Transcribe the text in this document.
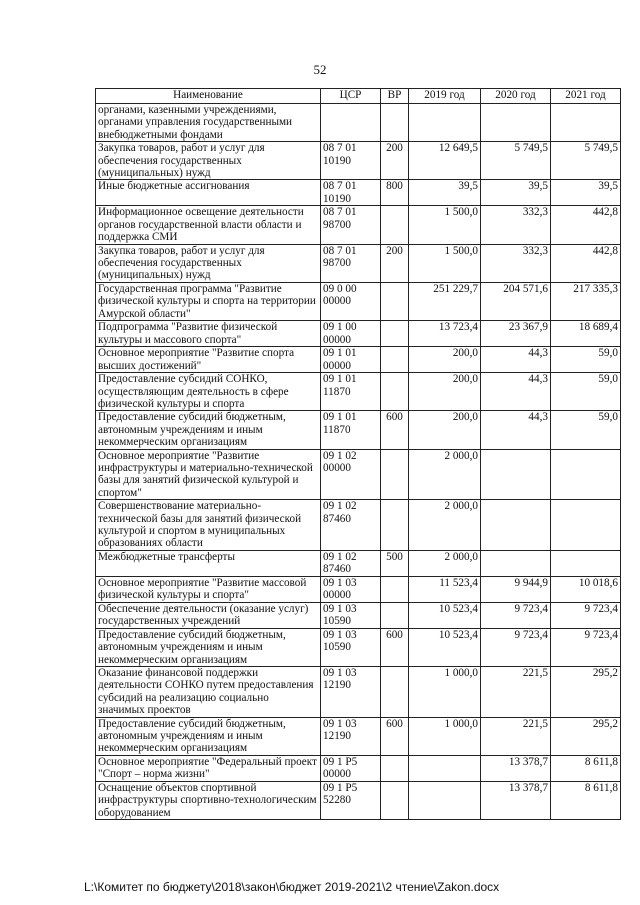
52
Наименование	ЦСР	ВР	2019 год	2020 год	2021 год
органами, казенными учреждениями, органами управления государственными внебюджетными фондами					
Закупка товаров, работ и услуг для обеспечения государственных (муниципальных) нужд	08 7 01 10190	200	12 649,5	5 749,5	5 749,5
Иные бюджетные ассигнования	08 7 01 10190	800	39,5	39,5	39,5
Информационное освещение деятельности органов государственной власти области и поддержка СМИ	08 7 01 98700		1 500,0	332,3	442,8
Закупка товаров, работ и услуг для обеспечения государственных (муниципальных) нужд	08 7 01 98700	200	1 500,0	332,3	442,8
Государственная программа "Развитие физической культуры и спорта на территории Амурской области"	09 0 00 00000		251 229,7	204 571,6	217 335,3
Подпрограмма "Развитие физической культуры и массового спорта"	09 1 00 00000		13 723,4	23 367,9	18 689,4
Основное мероприятие "Развитие спорта высших достижений"	09 1 01 00000		200,0	44,3	59,0
Предоставление субсидий СОНКО, осуществляющим деятельность в сфере физической культуры и спорта	09 1 01 11870		200,0	44,3	59,0
Предоставление субсидий бюджетным, автономным учреждениям и иным некоммерческим организациям	09 1 01 11870	600	200,0	44,3	59,0
Основное мероприятие "Развитие инфраструктуры и материально-технической базы для занятий физической культурой и спортом"	09 1 02 00000		2 000,0		
Совершенствование материально-технической базы для занятий физической культурой и спортом в муниципальных образованиях области	09 1 02 87460		2 000,0		
Межбюджетные трансферты	09 1 02 87460	500	2 000,0		
Основное мероприятие "Развитие массовой физической культуры и спорта"	09 1 03 00000		11 523,4	9 944,9	10 018,6
Обеспечение деятельности (оказание услуг) государственных учреждений	09 1 03 10590		10 523,4	9 723,4	9 723,4
Предоставление субсидий бюджетным, автономным учреждениям и иным некоммерческим организациям	09 1 03 10590	600	10 523,4	9 723,4	9 723,4
Оказание финансовой поддержки деятельности СОНКО путем предоставления субсидий на реализацию социально значимых проектов	09 1 03 12190		1 000,0	221,5	295,2
Предоставление субсидий бюджетным, автономным учреждениям и иным некоммерческим организациям	09 1 03 12190	600	1 000,0	221,5	295,2
Основное мероприятие "Федеральный проект "Спорт – норма жизни"	09 1 P5 00000			13 378,7	8 611,8
Оснащение объектов спортивной инфраструктуры спортивно-технологическим оборудованием	09 1 P5 52280			13 378,7	8 611,8
L:\Комитет по бюджету\2018\закон\бюджет 2019-2021\2 чтение\Zakon.docx
